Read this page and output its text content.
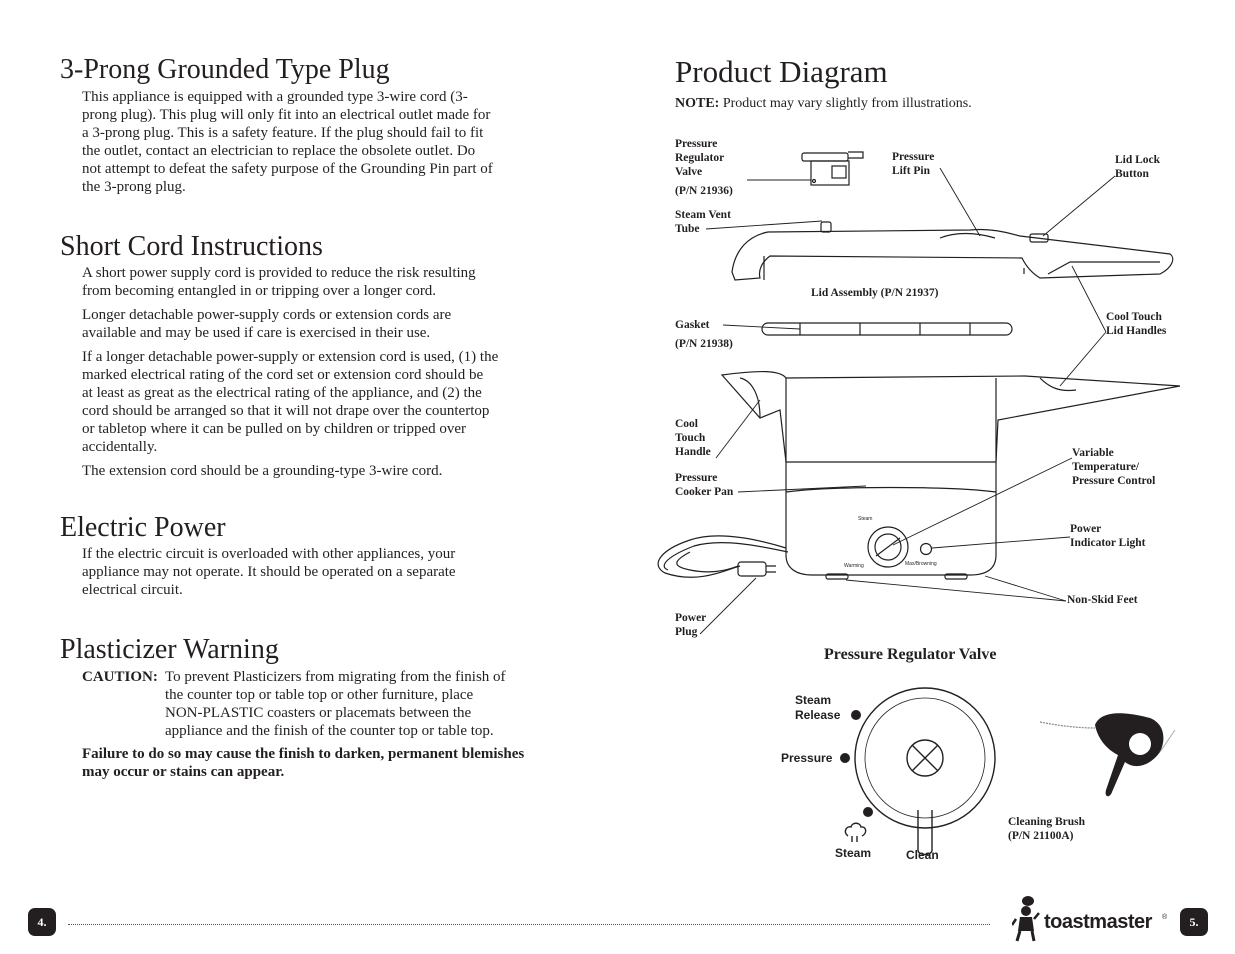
3-Prong Grounded Type Plug
This appliance is equipped with a grounded type 3-wire cord (3-
prong plug). This plug will only fit into an electrical outlet made for
a 3-prong plug. This is a safety feature. If the plug should fail to fit
the outlet, contact an electrician to replace the obsolete outlet. Do
not attempt to defeat the safety purpose of the Grounding Pin part of
the 3-prong plug.
Short Cord Instructions

A short power supply cord is provided to reduce the risk resulting
from becoming entangled in or tripping over a longer cord.

Longer detachable power-supply cords or extension cords are
available and may be used if care is exercised in their use.

If a longer detachable power-supply or extension cord is used, (1) the
marked electrical rating of the cord set or extension cord should be
at least as great as the electrical rating of the appliance, and (2) the
cord should be arranged so that it will not drape over the countertop
or tabletop where it can be pulled on by children or tripped over
accidentally.

The extension cord should be a grounding-type 3-wire cord.

Electric Power
If the electric circuit is overloaded with other appliances, your
appliance may not operate. It should be operated on a separate
electrical circuit.
Plasticizer Warning
CAUTION: To prevent Plasticizers from migrating from the finish of
the counter top or table top or other furniture, place
NON-PLASTIC coasters or placemats between the
appliance and the finish of the counter top or table top.
Failure to do so may cause the finish to darken, permanent blemishes
may occur or stains can appear.
4.
Product Diagram
NOTE: Product may vary slightly from illustrations.
Steam
Warming	Max/Browning
Pressure
Regulator
Valve
(P/N 21936)
Pressure
Lift Pin
Lid Lock
Button
Steam Vent
Tube
Lid Assembly (P/N 21937)
Gasket
(P/N 21938)
Cool Touch
Lid Handles
Cool
Touch
Handle
Pressure
Cooker Pan
Variable
Temperature/
Pressure Control
Power
Indicator Light
Non-Skid Feet
Power
Plug
Pressure Regulator Valve
Steam
Release
Pressure
Steam	Clean
Cleaning Brush
(P/N 21100A)
toastmaster ®	5.
